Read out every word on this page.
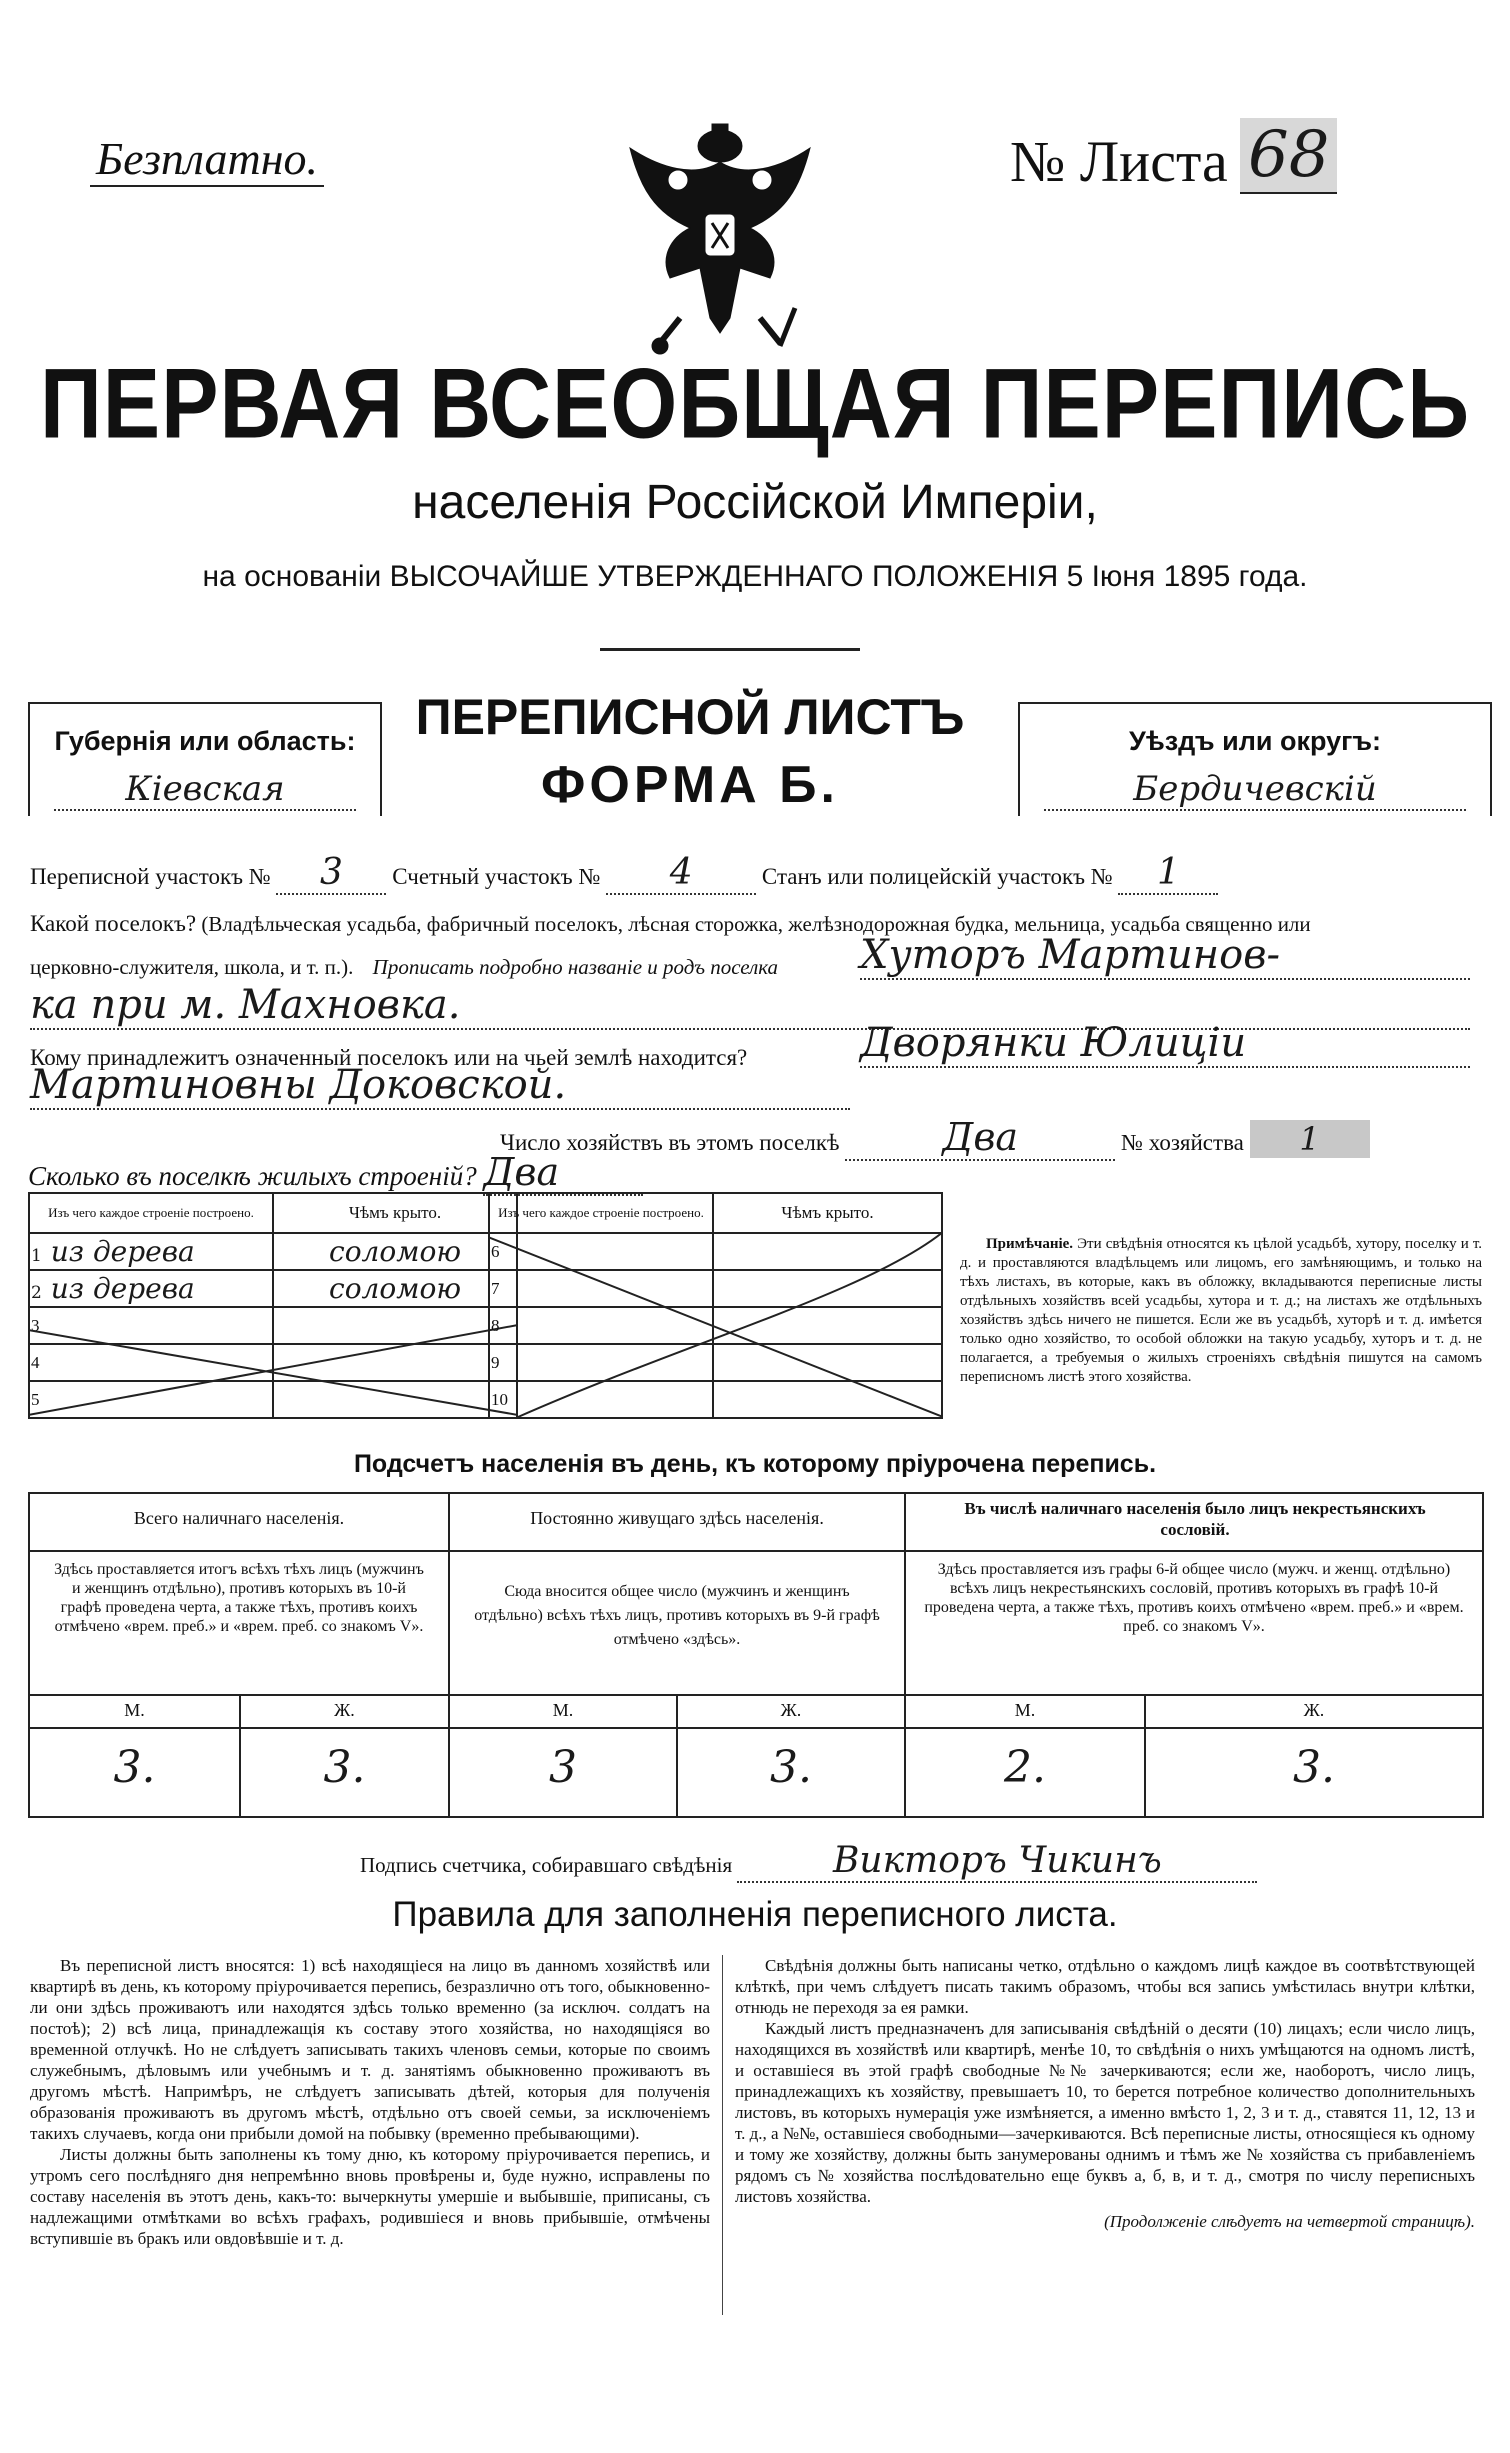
Безплатно.	№ Листа 68
ПЕРВАЯ ВСЕОБЩАЯ ПЕРЕПИСЬ
населенія Россійской Имперіи,
на основаніи ВЫСОЧАЙШЕ УТВЕРЖДЕННАГО ПОЛОЖЕНІЯ 5 Іюня 1895 года.
Губернія или область:
Кіевская
ПЕРЕПИСНОЙ ЛИСТЪ
ФОРМА Б.
Уѣздъ или округъ:
Бердичевскій
Переписной участокъ № 3 Счетный участокъ № 4	Станъ или полицейскій участокъ № 1
Какой поселокъ? (Владѣльческая усадьба, фабричный поселокъ, лѣсная сторожка, желѣзнодорожная будка, мельница, усадьба священно или
церковно-служителя, школа, и т. п.). Прописать подробно названіе и родъ поселка Хуторъ Мартинов-
ка при м. Махновка.
Кому принадлежитъ означенный поселокъ или на чьей землѣ находится?	Дворянки Юлиціи
Мартиновны Доковской.
Число хозяйствъ въ этомъ поселкѣ	Два	№ хозяйства 1
Сколько въ поселкѣ жилыхъ строеній? Два
Изъ чего каждое строеніе построено.	Чѣмъ крыто.
1 из дерева	соломою
2 из дерева	соломою
3	
4	
5	
Изъ чего каждое строеніе построено.	Чѣмъ крыто.
6	
7	
8	
9	
10	
Примѣчаніе. Эти свѣдѣнія относятся къ цѣлой усадьбѣ, хутору, поселку и т. д. и проставляются владѣльцемъ или лицомъ, его замѣняющимъ, и только на тѣхъ листахъ, въ которые, какъ въ обложку, вкладываются переписные листы отдѣльныхъ хозяйствъ всей усадьбы, хутора и т. д.; на листахъ же отдѣльныхъ хозяйствъ здѣсь ничего не пишется. Если же въ усадьбѣ, хуторѣ и т. д. имѣется только одно хозяйство, то особой обложки на такую усадьбу, хуторъ и т. д. не полагается, а требуемыя о жилыхъ строеніяхъ свѣдѣнія пишутся на самомъ переписномъ листѣ этого хозяйства.
Подсчетъ населенія въ день, къ которому пріурочена перепись.
Всего наличнаго населенія.
Здѣсь проставляется итогъ всѣхъ тѣхъ лицъ (мужчинъ и женщинъ отдѣльно), противъ которыхъ въ 10-й графѣ проведена черта, а также тѣхъ, противъ коихъ отмѣчено «врем. преб.» и «врем. преб. со знакомъ V».
М.	Ж.
3.	3.
Постоянно живущаго здѣсь населенія.
Сюда вносится общее число (мужчинъ и женщинъ отдѣльно) всѣхъ тѣхъ лицъ, противъ которыхъ въ 9-й графѣ отмѣчено «здѣсь».
М.	Ж.
3	3.
Въ числѣ наличнаго населенія было лицъ некрестьянскихъ сословій.
Здѣсь проставляется изъ графы 6-й общее число (мужч. и женщ. отдѣльно) всѣхъ лицъ некрестьянскихъ сословій, противъ которыхъ въ графѣ 10-й проведена черта, а также тѣхъ, противъ коихъ отмѣчено «врем. преб.» и «врем. преб. со знакомъ V».
М.	Ж.
2.	3.
Подпись счетчика, собиравшаго свѣдѣнія	Викторъ Чикинъ
Правила для заполненія переписного листа.

Въ переписной листъ вносятся: 1) всѣ находящіеся на лицо въ данномъ хозяйствѣ или квартирѣ въ день, къ которому пріурочивается перепись, безразлично отъ того, обыкновенно-ли они здѣсь проживаютъ или находятся здѣсь только временно (за исключ. солдатъ на постоѣ); 2) всѣ лица, принадлежащія къ составу этого хозяйства, но находящіяся во временной отлучкѣ. Но не слѣдуетъ записывать такихъ членовъ семьи, которые по своимъ служебнымъ, дѣловымъ или учебнымъ и т. д. занятіямъ обыкновенно проживаютъ въ другомъ мѣстѣ. Напримѣръ, не слѣдуетъ записывать дѣтей, которыя для полученія образованія проживаютъ въ другомъ мѣстѣ, отдѣльно отъ своей семьи, за исключеніемъ такихъ случаевъ, когда они прибыли домой на побывку (временно пребывающими).

Листы должны быть заполнены къ тому дню, къ которому пріурочивается перепись, и утромъ сего послѣдняго дня непремѣнно вновь провѣрены и, буде нужно, исправлены по составу населенія въ этотъ день, какъ-то: вычеркнуты умершіе и выбывшіе, приписаны, съ надлежащими отмѣтками во всѣхъ графахъ, родившіеся и вновь прибывшіе, отмѣчены вступившіе въ бракъ или овдовѣвшіе и т. д.

Свѣдѣнія должны быть написаны четко, отдѣльно о каждомъ лицѣ каждое въ соотвѣтствующей клѣткѣ, при чемъ слѣдуетъ писать такимъ образомъ, чтобы вся запись умѣстилась внутри клѣтки, отнюдь не переходя за ея рамки.

Каждый листъ предназначенъ для записыванія свѣдѣній о десяти (10) лицахъ; если число лицъ, находящихся въ хозяйствѣ или квартирѣ, менѣе 10, то свѣдѣнія о нихъ умѣщаются на одномъ листѣ, и оставшіеся въ этой графѣ свободные №№ зачеркиваются; если же, наоборотъ, число лицъ, принадлежащихъ къ хозяйству, превышаетъ 10, то берется потребное количество дополнительныхъ листовъ, въ которыхъ нумерація уже измѣняется, а именно вмѣсто 1, 2, 3 и т. д., ставятся 11, 12, 13 и т. д., а №№, оставшіеся свободными—зачеркиваются. Всѣ переписные листы, относящіеся къ одному и тому же хозяйству, должны быть занумерованы однимъ и тѣмъ же № хозяйства съ прибавленіемъ рядомъ съ № хозяйства послѣдовательно еще буквъ а, б, в, и т. д., смотря по числу переписныхъ листовъ хозяйства.

(Продолженіе слѣдуетъ на четвертой страницѣ).
